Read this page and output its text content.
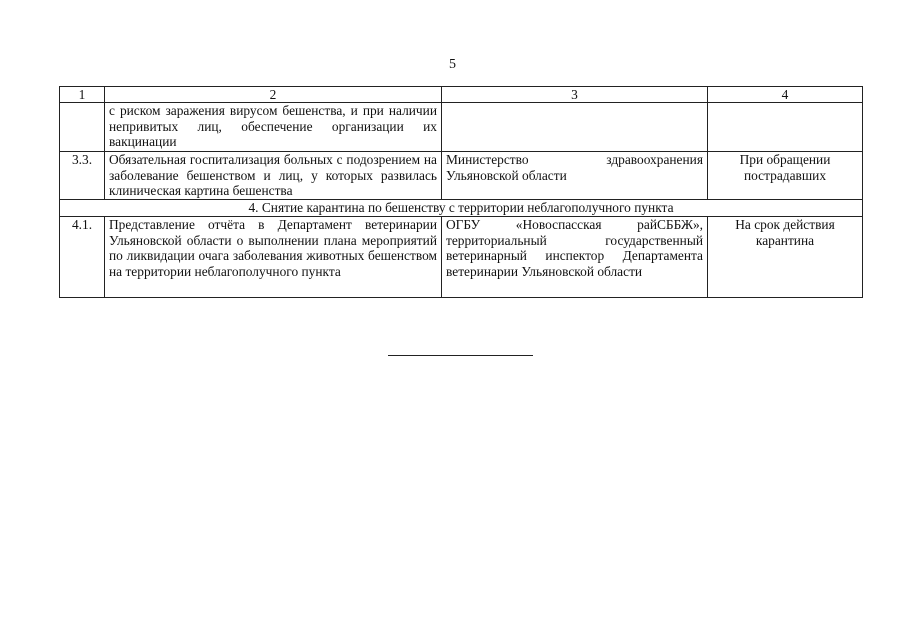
5
1	2	3	4
	с риском заражения вирусом бешенства, и при наличии непривитых лиц, обеспечение организации их вакцинации		
3.3.	Обязательная госпитализация больных с подозрением на заболевание бешенством и лиц, у которых развилась клиническая картина бешенства	Министерство здравоохранения Ульяновской области	При обращении пострадавших
4. Снятие карантина по бешенству с территории неблагополучного пункта			
4.1.	Представление отчёта в Департамент ветеринарии Ульяновской области о выполнении плана мероприятий по ликвидации очага заболевания животных бешенством на территории неблагополучного пункта	ОГБУ «Новоспасская райСББЖ», территориальный государственный ветеринарный инспектор Департамента ветеринарии Ульяновской области	На срок действия карантина
